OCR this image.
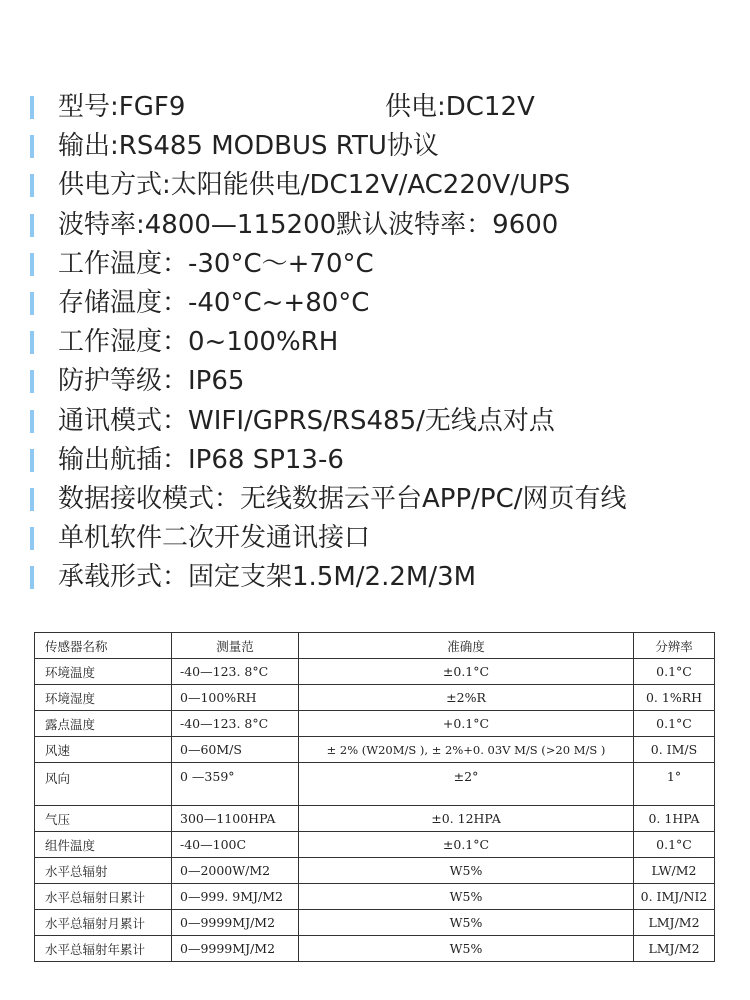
型号:FGF9	供电:DC12V
输出:RS485 MODBUS RTU协议
供电方式:太阳能供电/DC12V/AC220V/UPS
波特率:4800—115200默认波特率：9600
工作温度：-30°C～+70°C
存储温度：-40°C~+80°C
工作湿度：0~100%RH
防护等级：IP65
通讯模式：WIFI/GPRS/RS485/无线点对点
输出航插：IP68 SP13-6
数据接收模式：无线数据云平台APP/PC/网页有线
单机软件二次开发通讯接口
承载形式：固定支架1.5M/2.2M/3M
传感器名称	测量范	准确度	分辨率
环境温度	-40—123. 8°C	±0.1°C	0.1°C
环境湿度	0—100%RH	±2%R	0. 1%RH
露点温度	-40—123. 8°C	+0.1°C	0.1°C
风速	0—60M/S	± 2% (W20M/S ), ± 2%+0. 03V M/S (>20 M/S )	0. IM/S
风向	0 —359°	±2°	1°
气压	300—1100HPA	±0. 12HPA	0. 1HPA
组件温度	-40—100C	±0.1°C	0.1°C
水平总辐射	0—2000W/M2	W5%	LW/M2
水平总辐射日累计	0—999. 9MJ/M2	W5%	0. IMJ/NI2
水平总辐射月累计	0—9999MJ/M2	W5%	LMJ/M2
水平总辐射年累计	0—9999MJ/M2	W5%	LMJ/M2
